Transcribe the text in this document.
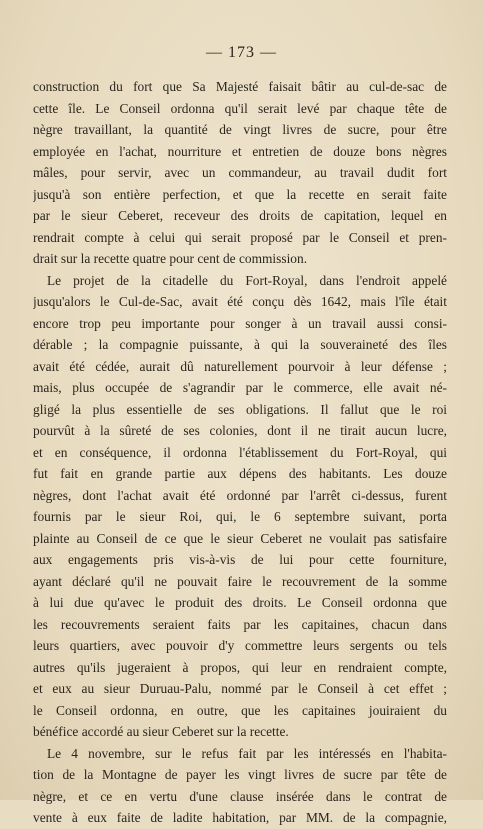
— 173 —
construction du fort que Sa Majesté faisait bâtir au cul-de-sac de
cette île. Le Conseil ordonna qu'il serait levé par chaque tête de
nègre travaillant, la quantité de vingt livres de sucre, pour être
employée en l'achat, nourriture et entretien de douze bons nègres
mâles, pour servir, avec un commandeur, au travail dudit fort
jusqu'à son entière perfection, et que la recette en serait faite
par le sieur Ceberet, receveur des droits de capitation, lequel en
rendrait compte à celui qui serait proposé par le Conseil et pren-
drait sur la recette quatre pour cent de commission.
Le projet de la citadelle du Fort-Royal, dans l'endroit appelé
jusqu'alors le Cul-de-Sac, avait été conçu dès 1642, mais l'île était
encore trop peu importante pour songer à un travail aussi consi-
dérable ; la compagnie puissante, à qui la souveraineté des îles
avait été cédée, aurait dû naturellement pourvoir à leur défense ;
mais, plus occupée de s'agrandir par le commerce, elle avait né-
gligé la plus essentielle de ses obligations. Il fallut que le roi
pourvût à la sûreté de ses colonies, dont il ne tirait aucun lucre,
et en conséquence, il ordonna l'établissement du Fort-Royal, qui
fut fait en grande partie aux dépens des habitants. Les douze
nègres, dont l'achat avait été ordonné par l'arrêt ci-dessus, furent
fournis par le sieur Roi, qui, le 6 septembre suivant, porta
plainte au Conseil de ce que le sieur Ceberet ne voulait pas satisfaire
aux engagements pris vis-à-vis de lui pour cette fourniture,
ayant déclaré qu'il ne pouvait faire le recouvrement de la somme
à lui due qu'avec le produit des droits. Le Conseil ordonna que
les recouvrements seraient faits par les capitaines, chacun dans
leurs quartiers, avec pouvoir d'y commettre leurs sergents ou tels
autres qu'ils jugeraient à propos, qui leur en rendraient compte,
et eux au sieur Duruau-Palu, nommé par le Conseil à cet effet ;
le Conseil ordonna, en outre, que les capitaines jouiraient du
bénéfice accordé au sieur Ceberet sur la recette.
Le 4 novembre, sur le refus fait par les intéressés en l'habita-
tion de la Montagne de payer les vingt livres de sucre par tête de
nègre, et ce en vertu d'une clause insérée dans le contrat de
vente à eux faite de ladite habitation, par MM. de la compagnie,
